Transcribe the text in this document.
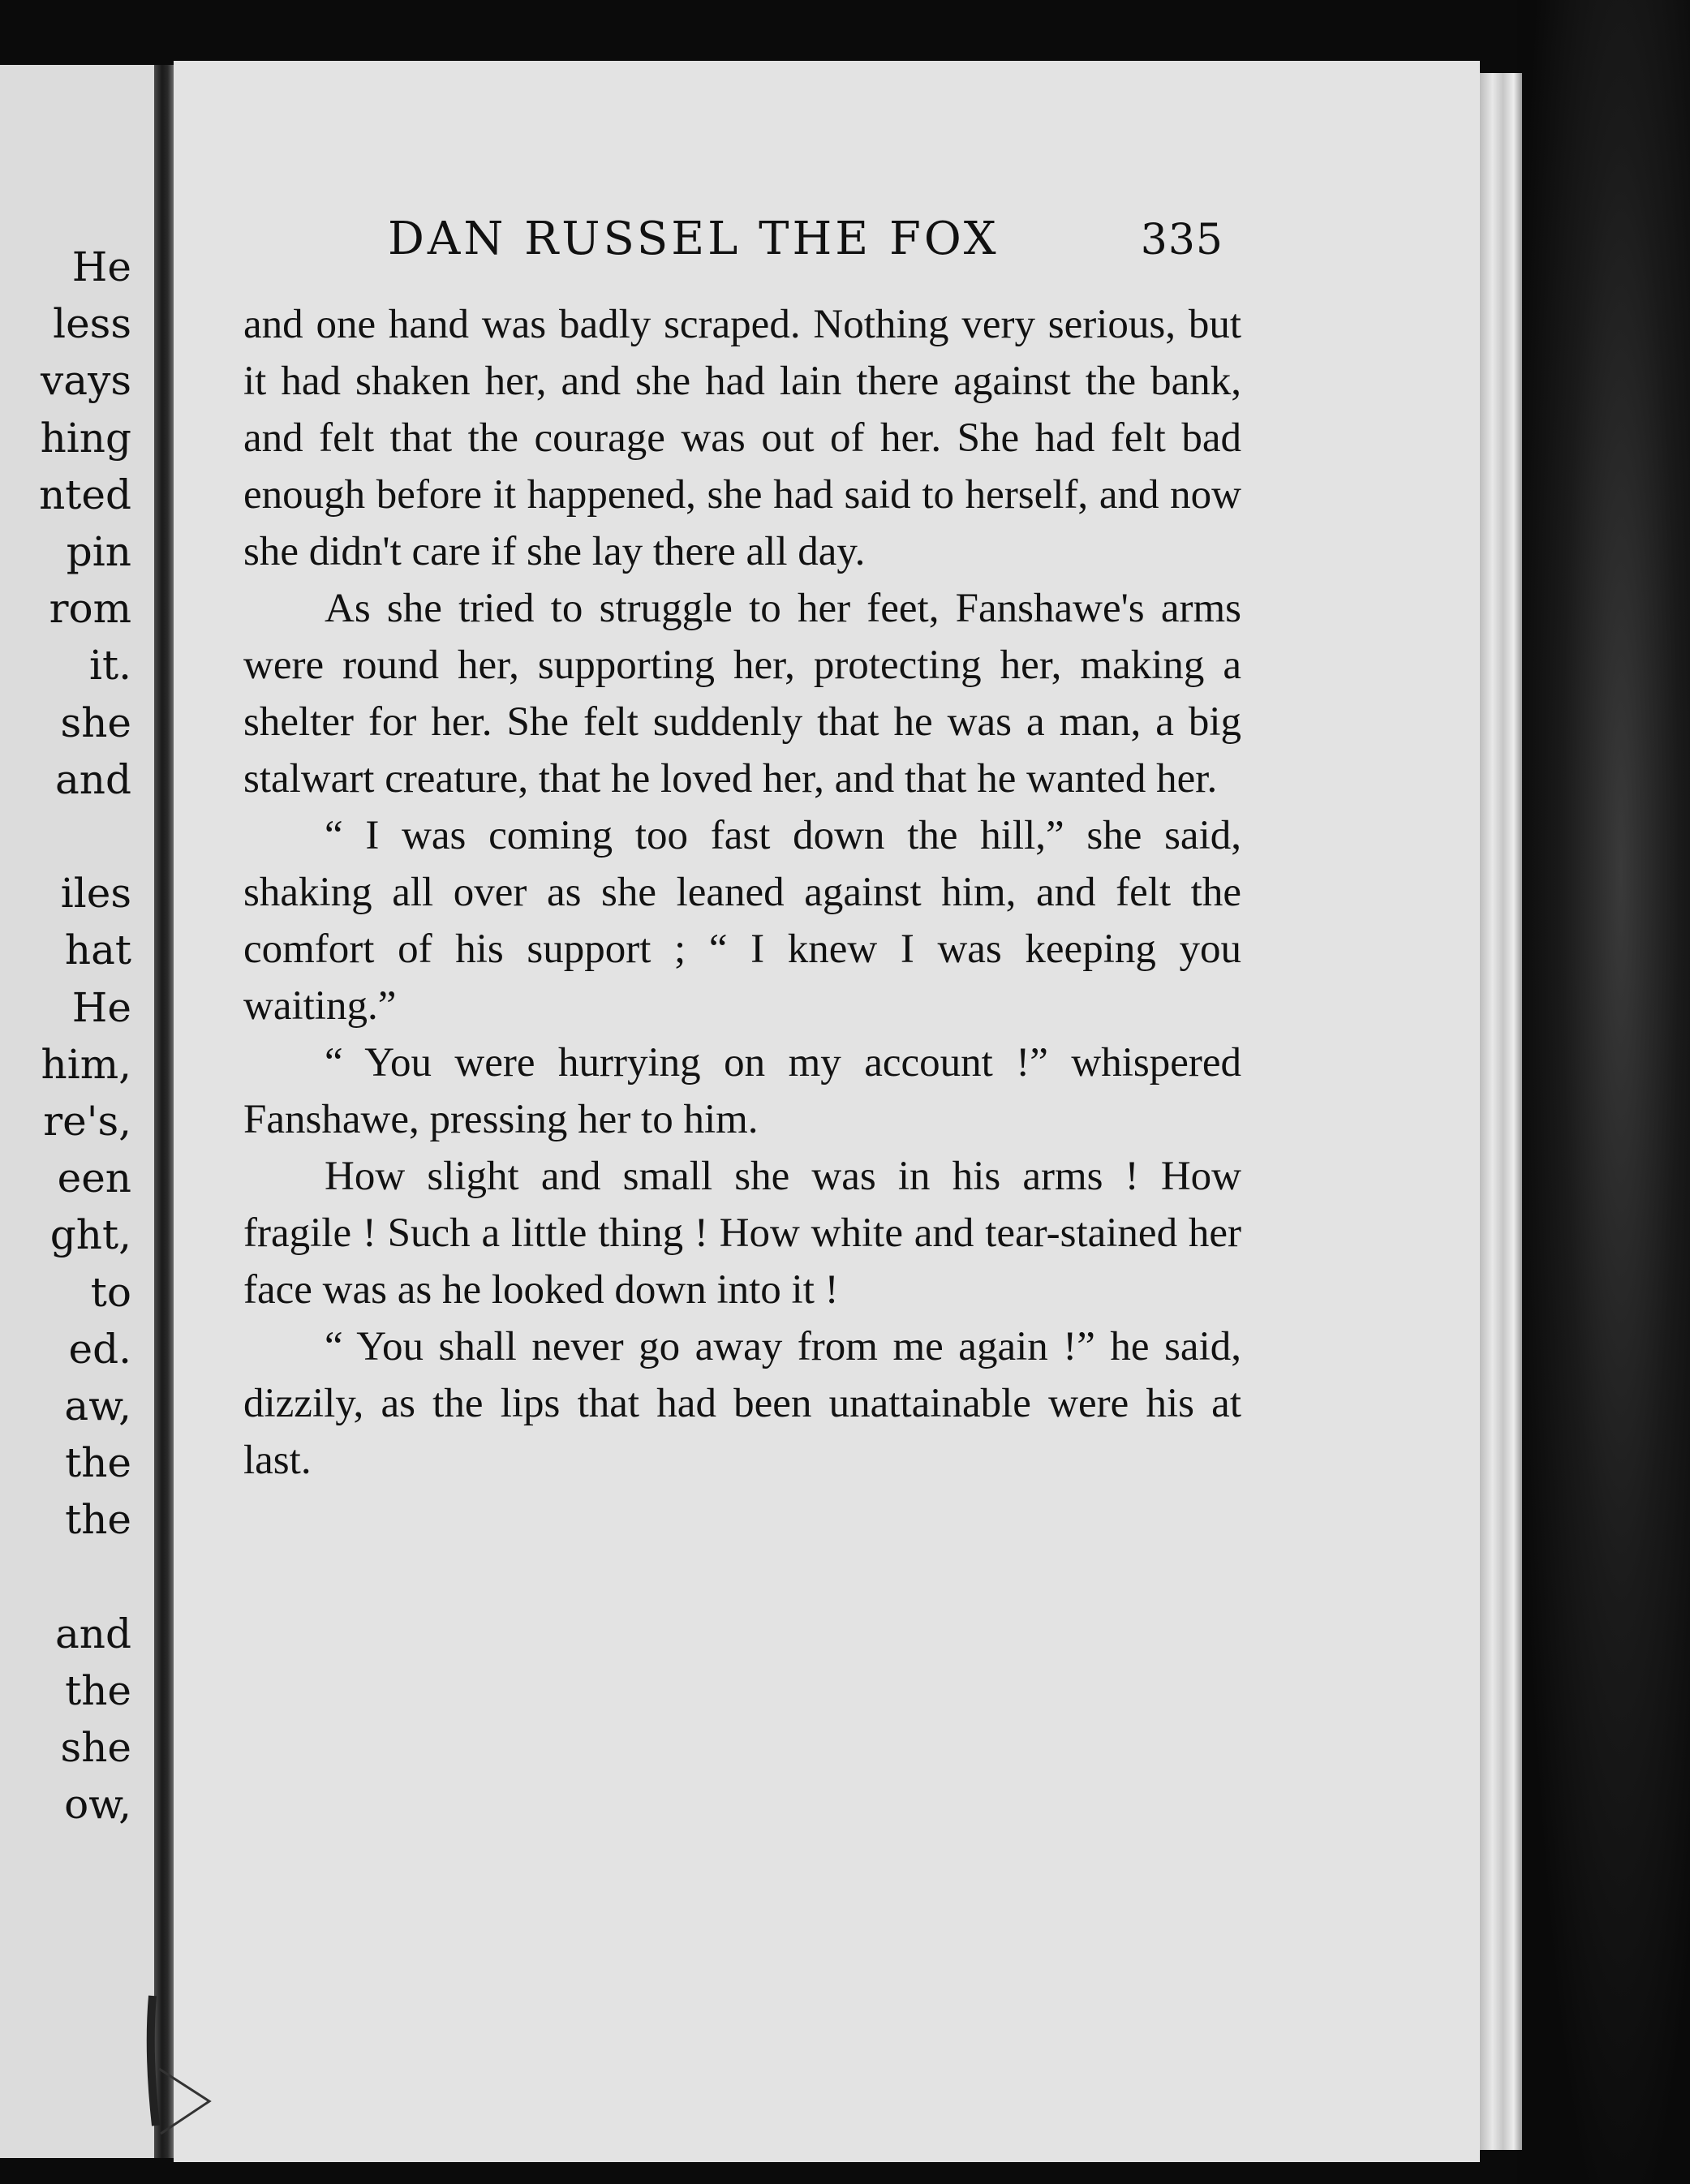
He
less
vays
hing
nted
pin
rom
it.
she
and
iles
hat
He
him,
re's,
een
ght,
to
ed.
aw,
the
the
and
the
she
ow,
DAN RUSSEL THE FOX	335

and one hand was badly scraped. Nothing very serious, but it had shaken her, and she had lain there against the bank, and felt that the courage was out of her. She had felt bad enough before it happened, she had said to herself, and now she didn't care if she lay there all day.

As she tried to struggle to her feet, Fanshawe's arms were round her, supporting her, protecting her, making a shelter for her. She felt suddenly that he was a man, a big stalwart creature, that he loved her, and that he wanted her.

“ I was coming too fast down the hill,” she said, shaking all over as she leaned against him, and felt the comfort of his support ; “ I knew I was keeping you waiting.”

“ You were hurrying on my account !” whispered Fanshawe, pressing her to him.

How slight and small she was in his arms ! How fragile ! Such a little thing ! How white and tear-stained her face was as he looked down into it !

“ You shall never go away from me again !” he said, dizzily, as the lips that had been unattainable were his at last.
